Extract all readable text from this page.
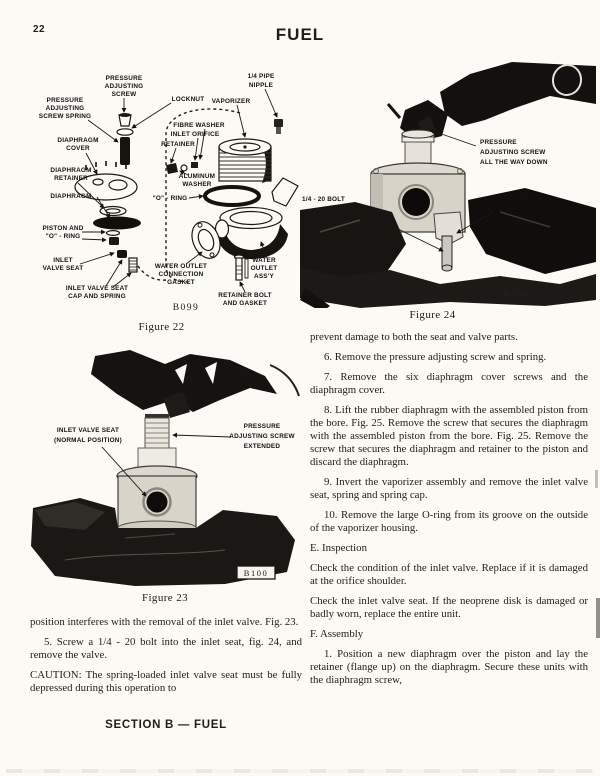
22	FUEL
PRESSURE
ADJUSTING
SCREW
LOCKNUT
1/4 PIPE
NIPPLE
VAPORIZER
PRESSURE
ADJUSTING
SCREW SPRING
FIBRE WASHER
INLET ORIFICE
RETAINER
DIAPHRAGM
COVER
ALUMINUM
WASHER
DIAPHRAGM
RETAINER
DIAPHRAGM	"O" - RING
PISTON AND
"O" - RING
INLET
VALVE SEAT	WATER OUTLET
CONNECTION
GASKET
WATER
OUTLET
ASS'Y
INLET VALVE SEAT
CAP AND SPRING	RETAINER BOLT
AND GASKET
B099
Figure 22
PRESSURE
ADJUSTING SCREW
ALL THE WAY DOWN
1/4 - 20 BOLT	INLET ORIFICE
BLOCK
B101
Figure 24
B100
INLET VALVE SEAT
(NORMAL POSITION)
PRESSURE
ADJUSTING SCREW
EXTENDED
Figure 23

position interferes with the removal of the inlet valve. Fig. 23.

5. Screw a 1/4 - 20 bolt into the inlet seat, fig. 24, and remove the valve.

CAUTION: The spring-loaded inlet valve seat must be fully depressed during this operation to

SECTION B — FUEL

prevent damage to both the seat and valve parts.

6. Remove the pressure adjusting screw and spring.

7. Remove the six diaphragm cover screws and the diaphragm cover.

8. Lift the rubber diaphragm with the assembled piston from the bore. Fig. 25. Remove the screw that secures the diaphragm with the assembled piston from the bore. Fig. 25. Remove the screw that secures the diaphragm and retainer to the piston and discard the diaphragm.

9. Invert the vaporizer assembly and remove the inlet valve seat, spring and spring cap.

10. Remove the large O-ring from its groove on the outside of the vaporizer housing.

E. Inspection

Check the condition of the inlet valve. Replace if it is damaged at the orifice shoulder.

Check the inlet valve seat. If the neoprene disk is damaged or badly worn, replace the entire unit.

F. Assembly

1. Position a new diaphragm over the piston and lay the retainer (flange up) on the diaphragm. Secure these units with the diaphragm screw,
